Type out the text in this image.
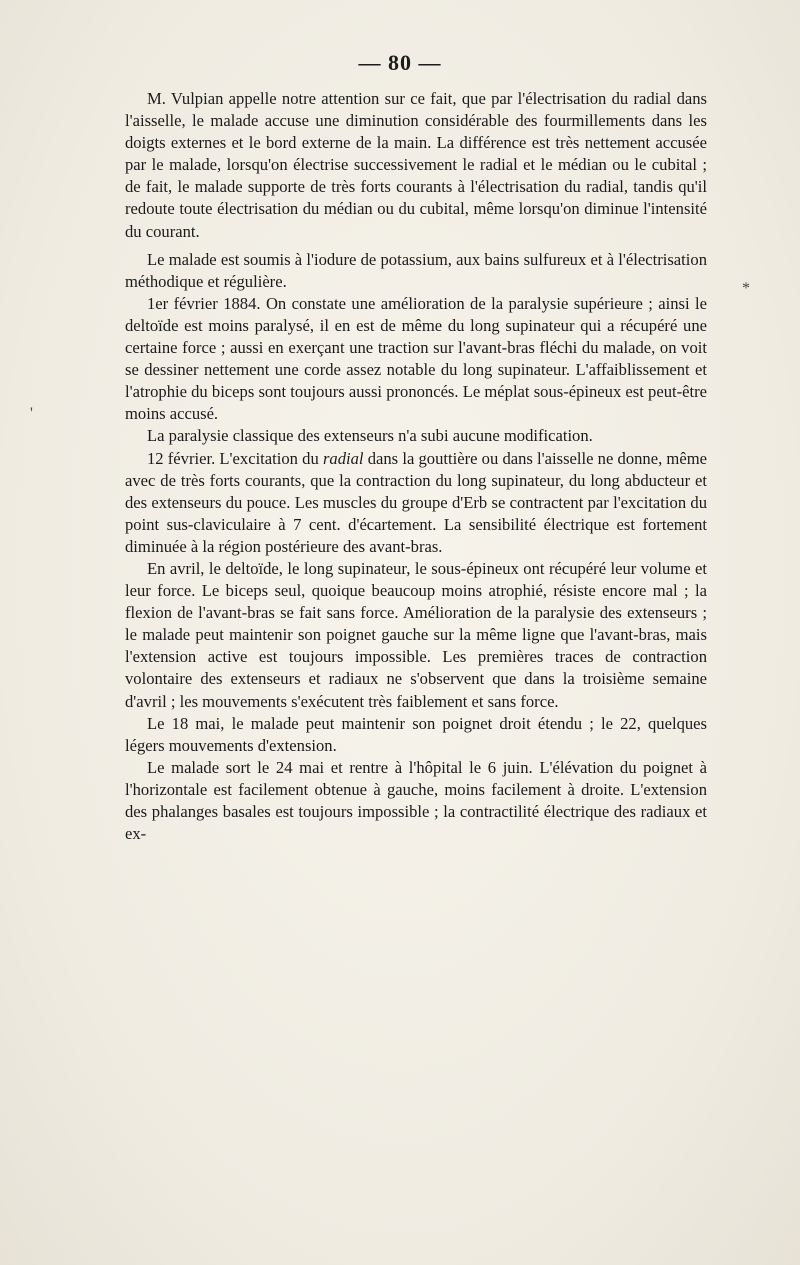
— 80 —

M. Vulpian appelle notre attention sur ce fait, que par l'électrisation du radial dans l'aisselle, le malade accuse une diminution considérable des fourmillements dans les doigts externes et le bord externe de la main. La différence est très nettement accusée par le malade, lorsqu'on électrise successivement le radial et le médian ou le cubital ; de fait, le malade supporte de très forts courants à l'électrisation du radial, tandis qu'il redoute toute électrisation du médian ou du cubital, même lorsqu'on diminue l'intensité du courant.

Le malade est soumis à l'iodure de potassium, aux bains sulfureux et à l'électrisation méthodique et régulière.

1er février 1884. On constate une amélioration de la paralysie supérieure ; ainsi le deltoïde est moins paralysé, il en est de même du long supinateur qui a récupéré une certaine force ; aussi en exerçant une traction sur l'avant-bras fléchi du malade, on voit se dessiner nettement une corde assez notable du long supinateur. L'affaiblissement et l'atrophie du biceps sont toujours aussi prononcés. Le méplat sous-épineux est peut-être moins accusé.

La paralysie classique des extenseurs n'a subi aucune modification.

12 février. L'excitation du radial dans la gouttière ou dans l'aisselle ne donne, même avec de très forts courants, que la contraction du long supinateur, du long abducteur et des extenseurs du pouce. Les muscles du groupe d'Erb se contractent par l'excitation du point sus-claviculaire à 7 cent. d'écartement. La sensibilité électrique est fortement diminuée à la région postérieure des avant-bras.

En avril, le deltoïde, le long supinateur, le sous-épineux ont récupéré leur volume et leur force. Le biceps seul, quoique beaucoup moins atrophié, résiste encore mal ; la flexion de l'avant-bras se fait sans force. Amélioration de la paralysie des extenseurs ; le malade peut maintenir son poignet gauche sur la même ligne que l'avant-bras, mais l'extension active est toujours impossible. Les premières traces de contraction volontaire des extenseurs et radiaux ne s'observent que dans la troisième semaine d'avril ; les mouvements s'exécutent très faiblement et sans force.

Le 18 mai, le malade peut maintenir son poignet droit étendu ; le 22, quelques légers mouvements d'extension.

Le malade sort le 24 mai et rentre à l'hôpital le 6 juin. L'élévation du poignet à l'horizontale est facilement obtenue à gauche, moins facilement à droite. L'extension des phalanges basales est toujours impossible ; la contractilité électrique des radiaux et ex-

*
'
